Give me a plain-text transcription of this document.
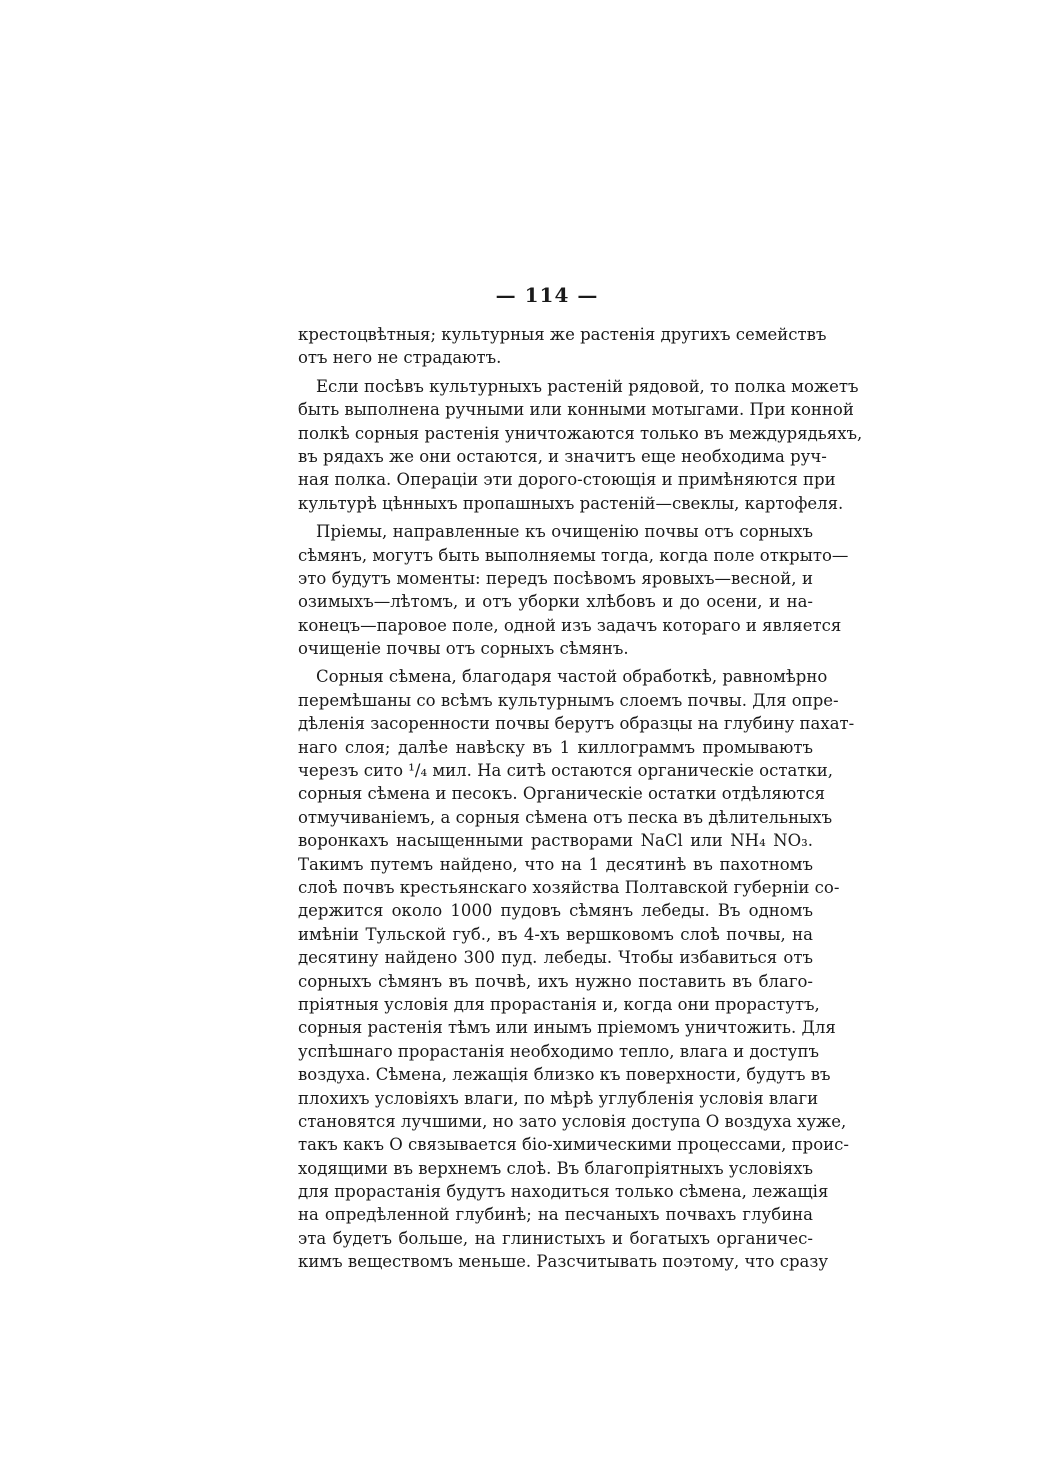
— 114 —
крестоцвѣтныя; культурныя же растенія другихъ семействъ
отъ него не страдаютъ.
Если посѣвъ культурныхъ растеній рядовой, то полка можетъ
быть выполнена ручными или конными мотыгами. При конной
полкѣ сорныя растенія уничтожаются только въ междурядьяхъ,
въ рядахъ же они остаются, и значитъ еще необходима руч-
ная полка. Операціи эти дорого-стоющія и примѣняются при
культурѣ цѣнныхъ пропашныхъ растеній—свеклы, картофеля.
Пріемы, направленные къ очищенію почвы отъ сорныхъ
сѣмянъ, могутъ быть выполняемы тогда, когда поле открыто—
это будутъ моменты: передъ посѣвомъ яровыхъ—весной, и
озимыхъ—лѣтомъ, и отъ уборки хлѣбовъ и до осени, и на-
конецъ—паровое поле, одной изъ задачъ котораго и является
очищеніе почвы отъ сорныхъ сѣмянъ.
Сорныя сѣмена, благодаря частой обработкѣ, равномѣрно
перемѣшаны со всѣмъ культурнымъ слоемъ почвы. Для опре-
дѣленія засоренности почвы берутъ образцы на глубину пахат-
наго слоя; далѣе навѣску въ 1 киллограммъ промываютъ
черезъ сито ¹/₄ мил. На ситѣ остаются органическіе остатки,
сорныя сѣмена и песокъ. Органическіе остатки отдѣляются
отмучиваніемъ, а сорныя сѣмена отъ песка въ дѣлительныхъ
воронкахъ насыщенными растворами NaCl или NH₄ NO₃.
Такимъ путемъ найдено, что на 1 десятинѣ въ пахотномъ
слоѣ почвъ крестьянскаго хозяйства Полтавской губерніи со-
держится около 1000 пудовъ сѣмянъ лебеды. Въ одномъ
имѣніи Тульской губ., въ 4-хъ вершковомъ слоѣ почвы, на
десятину найдено 300 пуд. лебеды. Чтобы избавиться отъ
сорныхъ сѣмянъ въ почвѣ, ихъ нужно поставить въ благо-
пріятныя условія для прорастанія и, когда они прорастутъ,
сорныя растенія тѣмъ или инымъ пріемомъ уничтожить. Для
успѣшнаго прорастанія необходимо тепло, влага и доступъ
воздуха. Сѣмена, лежащія близко къ поверхности, будутъ въ
плохихъ условіяхъ влаги, по мѣрѣ углубленія условія влаги
становятся лучшими, но зато условія доступа O воздуха хуже,
такъ какъ O связывается біо-химическими процессами, проис-
ходящими въ верхнемъ слоѣ. Въ благопріятныхъ условіяхъ
для прорастанія будутъ находиться только сѣмена, лежащія
на опредѣленной глубинѣ; на песчаныхъ почвахъ глубина
эта будетъ больше, на глинистыхъ и богатыхъ органичес-
кимъ веществомъ меньше. Разсчитывать поэтому, что сразу
